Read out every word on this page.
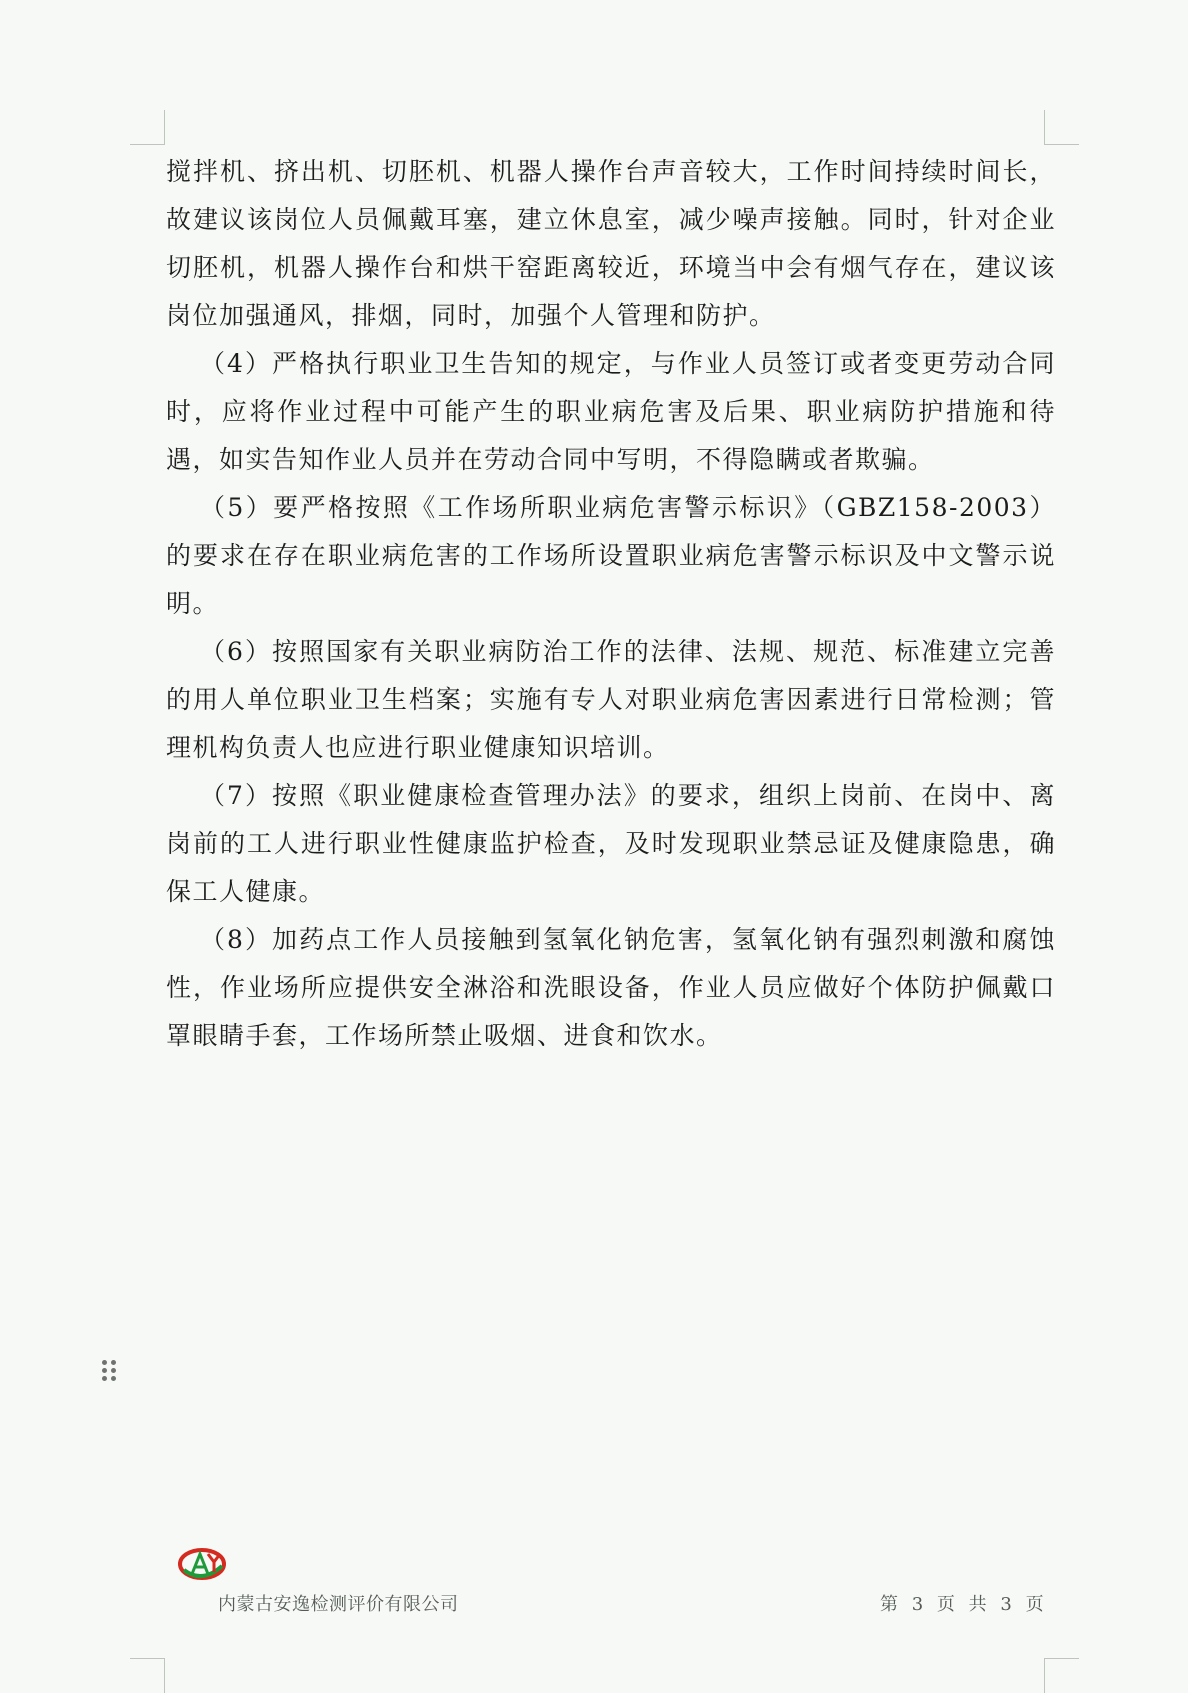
搅拌机、挤出机、切胚机、机器人操作台声音较大，工作时间持续时间长，故建议该岗位人员佩戴耳塞，建立休息室，减少噪声接触。同时，针对企业切胚机，机器人操作台和烘干窑距离较近，环境当中会有烟气存在，建议该岗位加强通风，排烟，同时，加强个人管理和防护。

（4）严格执行职业卫生告知的规定，与作业人员签订或者变更劳动合同时，应将作业过程中可能产生的职业病危害及后果、职业病防护措施和待遇，如实告知作业人员并在劳动合同中写明，不得隐瞒或者欺骗。

（5）要严格按照《工作场所职业病危害警示标识》（GBZ158-2003）的要求在存在职业病危害的工作场所设置职业病危害警示标识及中文警示说明。

（6）按照国家有关职业病防治工作的法律、法规、规范、标准建立完善的用人单位职业卫生档案；实施有专人对职业病危害因素进行日常检测；管理机构负责人也应进行职业健康知识培训。

（7）按照《职业健康检查管理办法》的要求，组织上岗前、在岗中、离岗前的工人进行职业性健康监护检查，及时发现职业禁忌证及健康隐患，确保工人健康。

（8）加药点工作人员接触到氢氧化钠危害，氢氧化钠有强烈刺激和腐蚀性，作业场所应提供安全淋浴和洗眼设备，作业人员应做好个体防护佩戴口罩眼睛手套，工作场所禁止吸烟、进食和饮水。

内蒙古安逸检测评价有限公司	第 3 页 共 3 页
